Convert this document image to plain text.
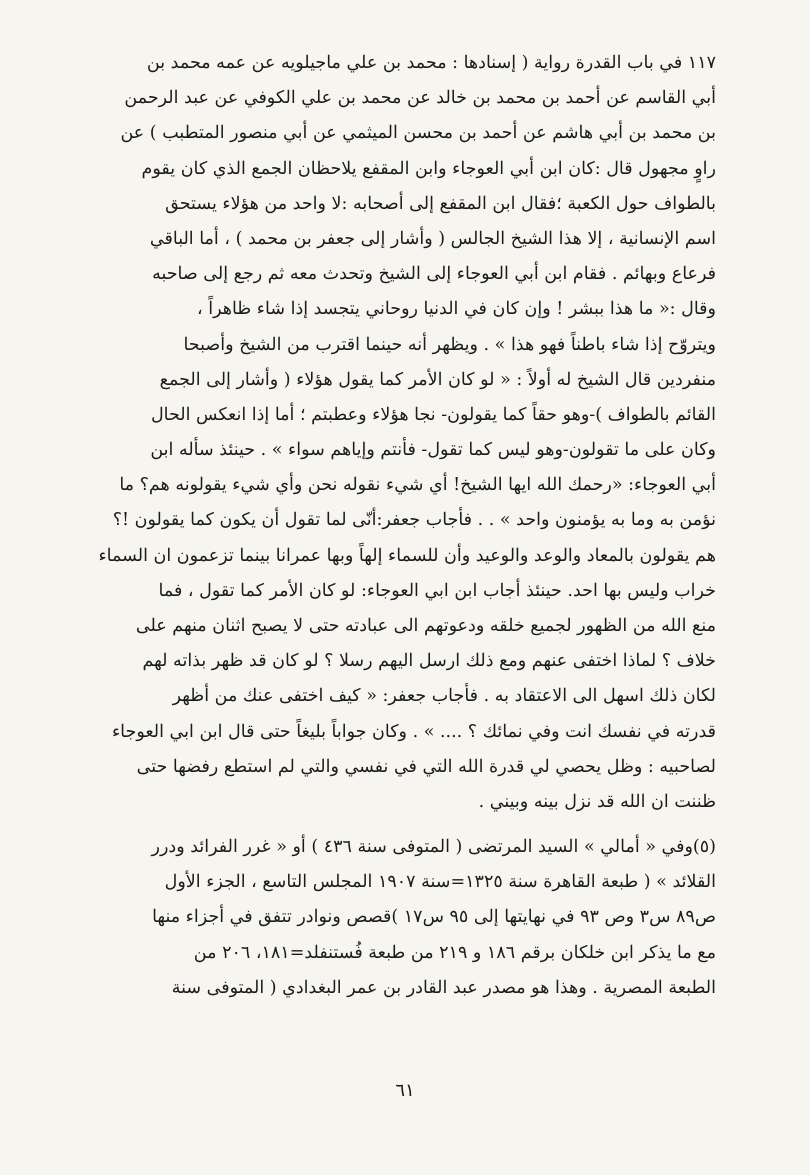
١١٧ في باب القدرة رواية ( إسنادها : محمد بن علي ماجيلويه عن عمه محمد بن
أبي القاسم عن أحمد بن محمد بن خالد عن محمد بن علي الكوفي عن عبد الرحمن
بن محمد بن أبي هاشم عن أحمد بن محسن الميثمي عن أبي منصور المتطبب ) عن
راوٍ مجهول قال :كان ابن أبي العوجاء وابن المقفع يلاحظان الجمع الذي كان يقوم
بالطواف حول الكعبة ؛فقال ابن المقفع إلى أصحابه :لا واحد من هؤلاء يستحق
اسم الإنسانية ، إلا هذا الشيخ الجالس ( وأشار إلى جعفر بن محمد ) ، أما الباقي
فرعاع وبهائم . فقام ابن أبي العوجاء إلى الشيخ وتحدث معه ثم رجع إلى صاحبه
وقال :« ما هذا ببشر ! وإن كان في الدنيا روحاني يتجسد إذا شاء ظاهراً ،
ويتروّح إذا شاء باطناً فهو هذا » . ويظهر أنه حينما اقترب من الشيخ وأصبحا
منفردين قال الشيخ له أولاً : « لو كان الأمر كما يقول هؤلاء ( وأشار إلى الجمع
القائم بالطواف )-وهو حقاً كما يقولون- نجا هؤلاء وعطبتم ؛ أما إذا انعكس الحال
وكان على ما تقولون-وهو ليس كما تقول- فأنتم وإياهم سواء » . حينئذ سأله ابن
أبي العوجاء: «رحمك الله ايها الشيخ! أي شيء نقوله نحن وأي شيء يقولونه هم؟ ما
نؤمن به وما به يؤمنون واحد » . . فأجاب جعفر:أنّى لما تقول أن يكون كما يقولون !؟
هم يقولون بالمعاد والوعد والوعيد وأن للسماء إلهاً وبها عمرانا بينما تزعمون ان السماء
خراب وليس بها احد. حينئذ أجاب ابن ابي العوجاء: لو كان الأمر كما تقول ، فما
منع الله من الظهور لجميع خلقه ودعوتهم الى عبادته حتى لا يصبح اثنان منهم على
خلاف ؟ لماذا اختفى عنهم ومع ذلك ارسل اليهم رسلا ؟ لو كان قد ظهر بذاته لهم
لكان ذلك اسهل الى الاعتقاد به . فأجاب جعفر: « كيف اختفى عنك من أظهر
قدرته في نفسك انت وفي نمائك ؟ .... » . وكان جواباً بليغاً حتى قال ابن ابي العوجاء
لصاحبيه : وظل يحصي لي قدرة الله التي في نفسي والتي لم استطع رفضها حتى
ظننت ان الله قد نزل بينه وبيني .
(٥)وفي « أمالي » السيد المرتضى ( المتوفى سنة ٤٣٦ ) أو « غرر الفرائد ودرر
القلائد » ( طبعة القاهرة سنة ١٣٢٥=سنة ١٩٠٧ المجلس التاسع ، الجزء الأول
ص٨٩ س٣ وص ٩٣ في نهايتها إلى ٩٥ س١٧ )قصص ونوادر تتفق في أجزاء منها
مع ما يذكر ابن خلكان برقم ١٨٦ و ٢١٩ من طبعة فُستنفلد=١٨١، ٢٠٦ من
الطبعة المصرية . وهذا هو مصدر عبد القادر بن عمر البغدادي ( المتوفى سنة
٦١
